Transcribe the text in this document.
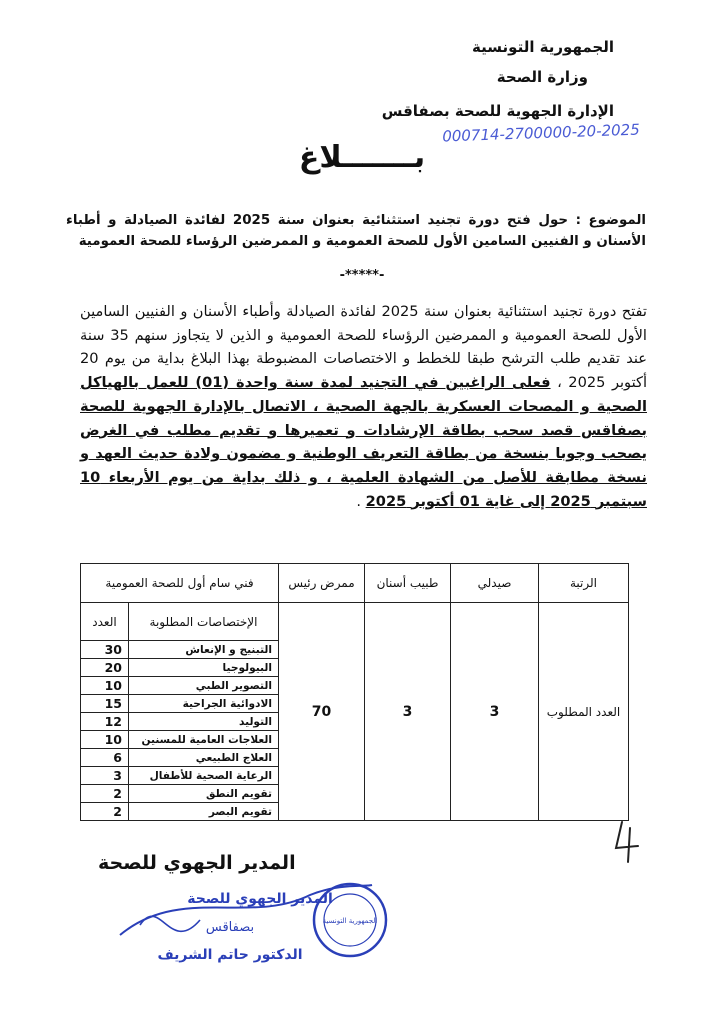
الجمهورية التونسية
وزارة الصحة
الإدارة الجهوية للصحة بصفاقس
000714-2700000-20-2025
بـــــــلاغ
الموضوع : حول فتح دورة تجنيد استثنائية بعنوان سنة 2025 لفائدة الصيادلة و أطباء الأسنان و الفنيين السامين الأول للصحة العمومية و الممرضين الرؤساء للصحة العمومية
-*****-
تفتح دورة تجنيد استثنائية بعنوان سنة 2025 لفائدة الصيادلة وأطباء الأسنان و الفنيين السامين الأول للصحة العمومية و الممرضين الرؤساء للصحة العمومية و الذين لا يتجاوز سنهم 35 سنة عند تقديم طلب الترشح طبقا للخطط و الاختصاصات المضبوطة بهذا البلاغ بداية من يوم 20 أكتوبر 2025 ، فعلى الراغبين في التجنيد لمدة سنة واحدة (01) للعمل بالهياكل الصحية و المصحات العسكرية بالجهة الصحية ، الاتصال بالإدارة الجهوية للصحة بصفاقس قصد سحب بطاقة الإرشادات و تعميرها و تقديم مطلب في الغرض يصحب وجوبا بنسخة من بطاقة التعريف الوطنية و مضمون ولادة حديث العهد و نسخة مطابقة للأصل من الشهادة العلمية ، و ذلك بداية من يوم الأربعاء 10 سبتمبر 2025 إلى غاية 01 أكتوبر 2025 .
الرتبة	صيدلي	طبيب أسنان	ممرض رئيس	فني سام أول للصحة العمومية	
العدد المطلوب	3	3	70	الإختصاصات المطلوبة	العدد
				التبنيج و الإنعاش	30
				البيولوجيا	20
				التصوير الطبي	10
				الادوائية الجراحية	15
				التوليد	12
				العلاجات العامية للمسنين	10
				العلاج الطبيعي	6
				الرعاية الصحية للأطفال	3
				تقويم النطق	2
				تقويم البصر	2
المدير الجهوي للصحة
الجمهورية التونسية
المدير الجهوي للصحة
بصفاقس
الدكتور حاتم الشريف
